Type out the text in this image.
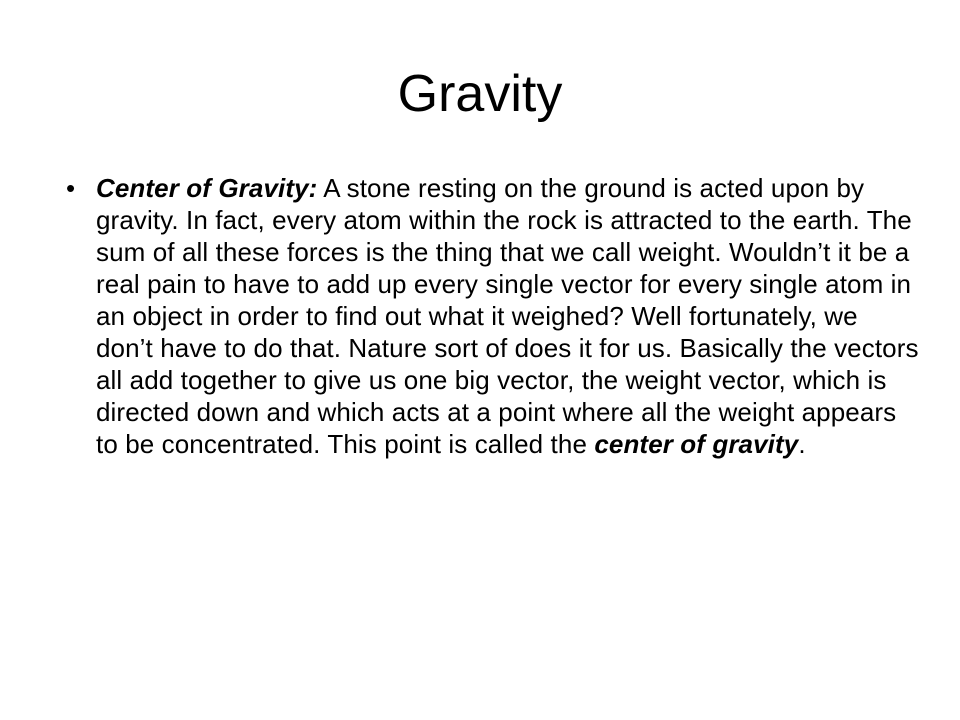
Gravity
• Center of Gravity: A stone resting on the ground is acted upon by gravity. In fact, every atom within the rock is attracted to the earth. The sum of all these forces is the thing that we call weight. Wouldn’t it be a real pain to have to add up every single vector for every single atom in an object in order to find out what it weighed? Well fortunately, we don’t have to do that. Nature sort of does it for us. Basically the vectors all add together to give us one big vector, the weight vector, which is directed down and which acts at a point where all the weight appears to be concentrated. This point is called the center of gravity.
